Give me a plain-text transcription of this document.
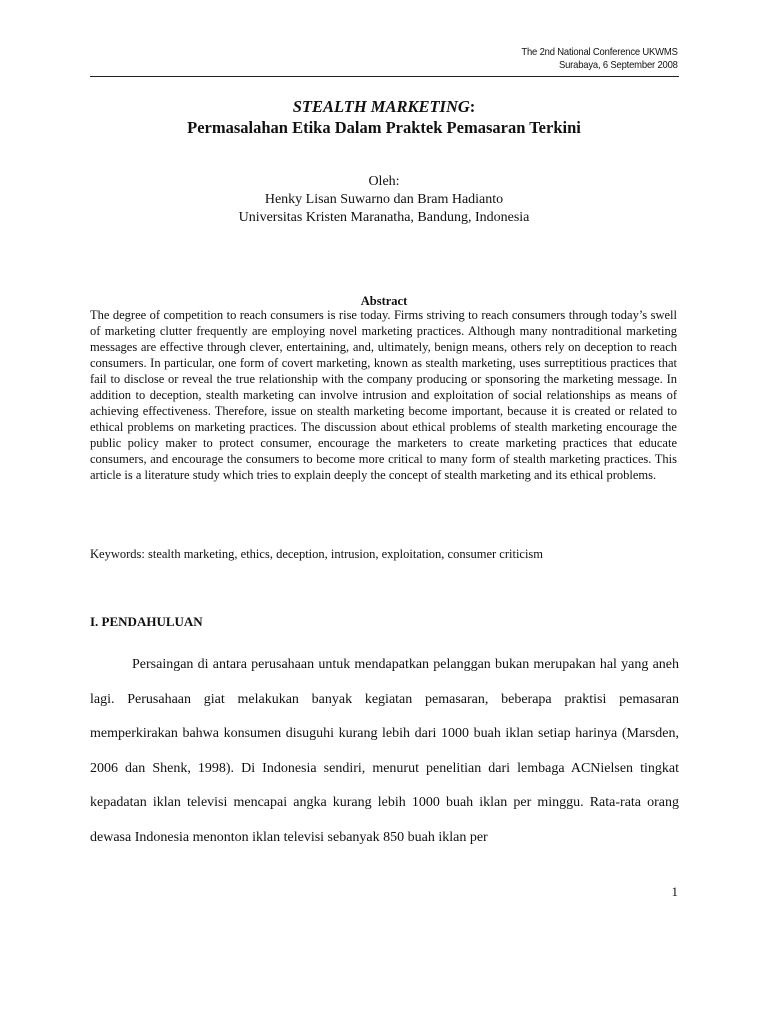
The 2nd National Conference UKWMS
Surabaya, 6 September 2008
STEALTH MARKETING:
Permasalahan Etika Dalam Praktek Pemasaran Terkini
Oleh:
Henky Lisan Suwarno dan Bram Hadianto
Universitas Kristen Maranatha, Bandung, Indonesia
Abstract
The degree of competition to reach consumers is rise today. Firms striving to reach consumers through today’s swell of marketing clutter frequently are employing novel marketing practices. Although many nontraditional marketing messages are effective through clever, entertaining, and, ultimately, benign means, others rely on deception to reach consumers. In particular, one form of covert marketing, known as stealth marketing, uses surreptitious practices that fail to disclose or reveal the true relationship with the company producing or sponsoring the marketing message. In addition to deception, stealth marketing can involve intrusion and exploitation of social relationships as means of achieving effectiveness. Therefore, issue on stealth marketing become important, because it is created or related to ethical problems on marketing practices. The discussion about ethical problems of stealth marketing encourage the public policy maker to protect consumer, encourage the marketers to create marketing practices that educate consumers, and encourage the consumers to become more critical to many form of stealth marketing practices. This article is a literature study which tries to explain deeply the concept of stealth marketing and its ethical problems.
Keywords: stealth marketing, ethics, deception, intrusion, exploitation, consumer criticism
I. PENDAHULUAN
Persaingan di antara perusahaan untuk mendapatkan pelanggan bukan merupakan hal yang aneh lagi. Perusahaan giat melakukan banyak kegiatan pemasaran, beberapa praktisi pemasaran memperkirakan bahwa konsumen disuguhi kurang lebih dari 1000 buah iklan setiap harinya (Marsden, 2006 dan Shenk, 1998). Di Indonesia sendiri, menurut penelitian dari lembaga ACNielsen tingkat kepadatan iklan televisi mencapai angka kurang lebih 1000 buah iklan per minggu. Rata-rata orang dewasa Indonesia menonton iklan televisi sebanyak 850 buah iklan per
1
